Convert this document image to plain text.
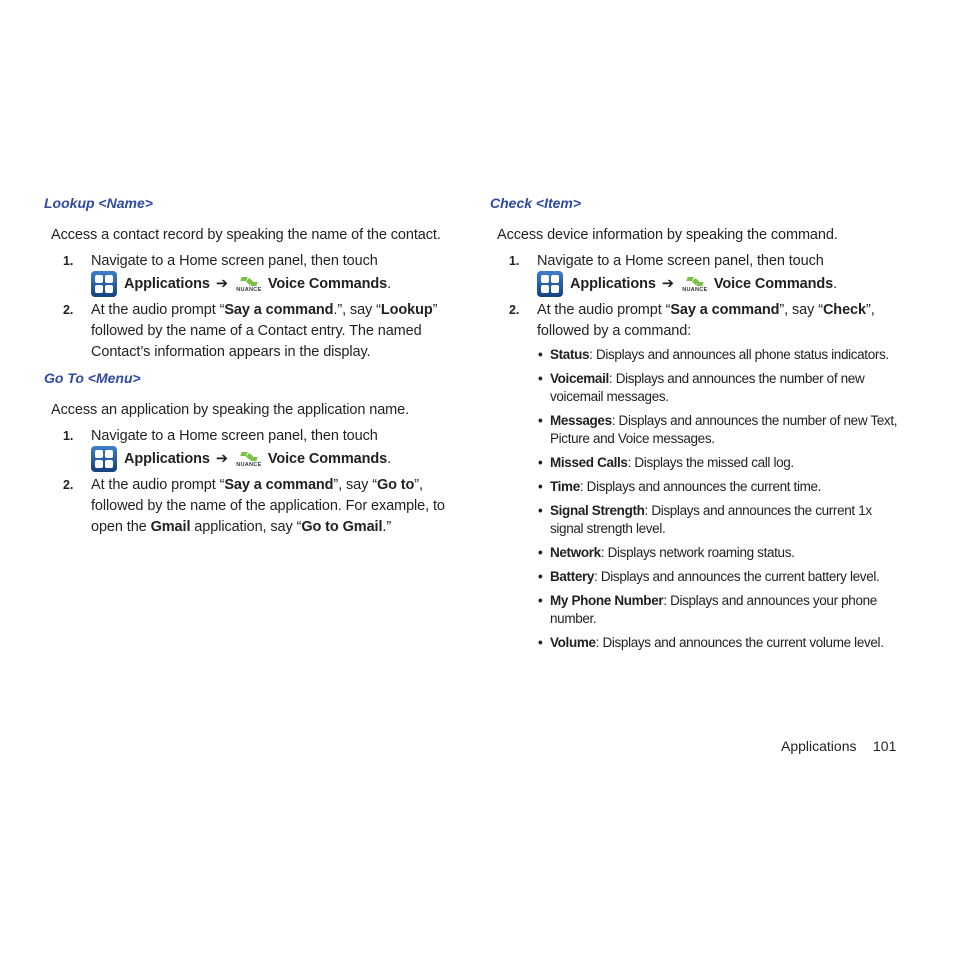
Lookup <Name>
Access a contact record by speaking the name of the contact.
1. Navigate to a Home screen panel, then touch
Applications ➔ NUANCE Voice Commands .
2. At the audio prompt “Say a command.”, say “Lookup” followed by the name of a Contact entry. The named Contact’s information appears in the display.
Go To <Menu>
Access an application by speaking the application name.
1. Navigate to a Home screen panel, then touch
Applications ➔ NUANCE Voice Commands .
2. At the audio prompt “Say a command”, say “Go to”, followed by the name of the application. For example, to open the Gmail application, say “Go to Gmail.”
Check <Item>
Access device information by speaking the command.
1. Navigate to a Home screen panel, then touch
Applications ➔ NUANCE Voice Commands .
2. At the audio prompt “Say a command”, say “Check”, followed by a command:
• Status: Displays and announces all phone status indicators.
• Voicemail: Displays and announces the number of new voicemail messages.
• Messages: Displays and announces the number of new Text, Picture and Voice messages.
• Missed Calls: Displays the missed call log.
• Time: Displays and announces the current time.
• Signal Strength: Displays and announces the current 1x signal strength level.
• Network: Displays network roaming status.
• Battery: Displays and announces the current battery level.
• My Phone Number: Displays and announces your phone number.
• Volume: Displays and announces the current volume level.
Applications 101
